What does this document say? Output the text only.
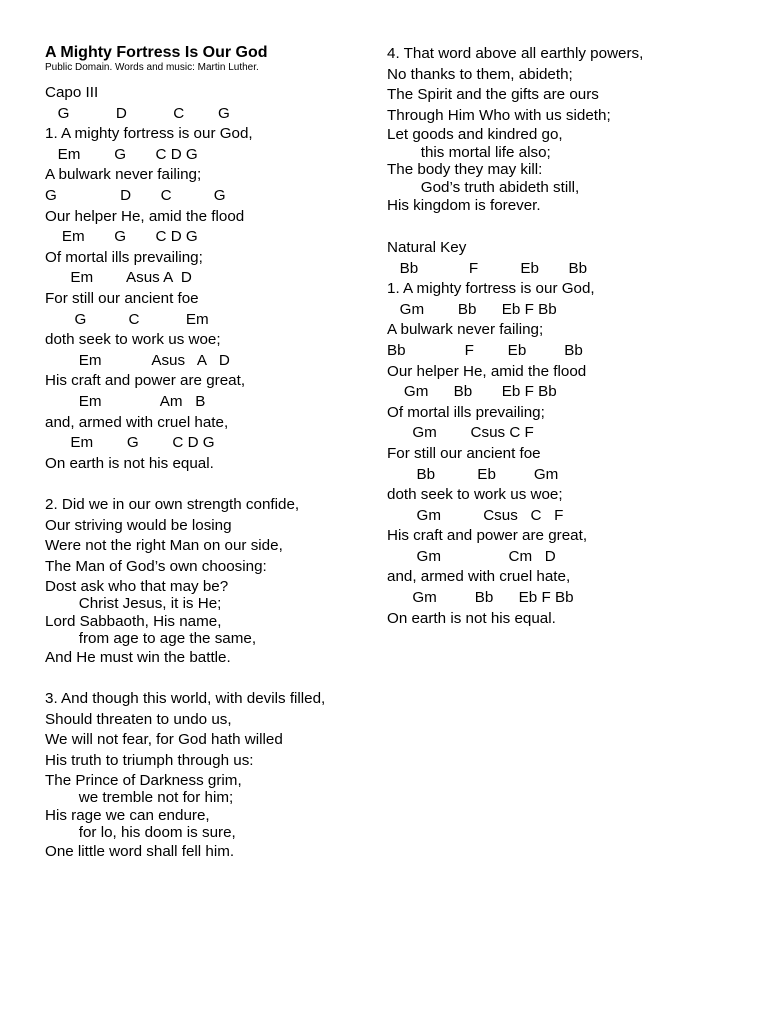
A Mighty Fortress Is Our God
Public Domain. Words and music: Martin Luther.
Capo III
G           D           C        G
1. A mighty fortress is our God,
Em        G       C D G
A bulwark never failing;
G               D       C          G
Our helper He, amid the flood
Em       G       C D G
Of mortal ills prevailing;
Em        Asus A  D
For still our ancient foe
G          C           Em
doth seek to work us woe;
Em            Asus   A   D
His craft and power are great,
Em              Am   B
and, armed with cruel hate,
Em        G        C D G
On earth is not his equal.
2. Did we in our own strength confide,
Our striving would be losing
Were not the right Man on our side,
The Man of God’s own choosing:
Dost ask who that may be?
Christ Jesus, it is He;
Lord Sabbaoth, His name,
from age to age the same,
And He must win the battle.
3. And though this world, with devils filled,
Should threaten to undo us,
We will not fear, for God hath willed
His truth to triumph through us:
The Prince of Darkness grim,
we tremble not for him;
His rage we can endure,
for lo, his doom is sure,
One little word shall fell him.
4. That word above all earthly powers,
No thanks to them, abideth;
The Spirit and the gifts are ours
Through Him Who with us sideth;
Let goods and kindred go,
this mortal life also;
The body they may kill:
God’s truth abideth still,
His kingdom is forever.
Natural Key
Bb            F          Eb       Bb
1. A mighty fortress is our God,
Gm        Bb      Eb F Bb
A bulwark never failing;
Bb              F        Eb         Bb
Our helper He, amid the flood
Gm      Bb       Eb F Bb
Of mortal ills prevailing;
Gm        Csus C F
For still our ancient foe
Bb          Eb         Gm
doth seek to work us woe;
Gm          Csus   C   F
His craft and power are great,
Gm                Cm   D
and, armed with cruel hate,
Gm         Bb      Eb F Bb
On earth is not his equal.
